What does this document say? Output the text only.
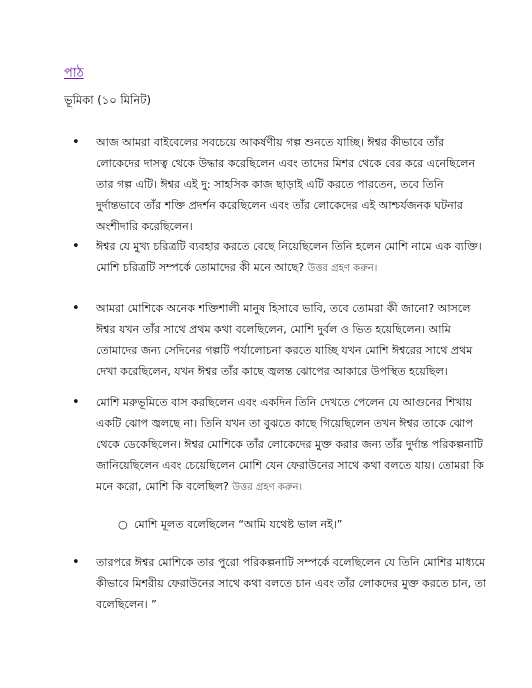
পাঠ
ভূমিকা (১০ মিনিট)
• আজ আমরা বাইবেলের সবচেয়ে আকর্ষণীয় গল্প শুনতে যাচ্ছি। ঈশ্বর কীভাবে তাঁর লোকেদের দাসত্ব থেকে উদ্ধার করেছিলেন এবং তাদের মিশর থেকে বের করে এনেছিলেন তার গল্প এটি। ঈশ্বর এই দু: সাহসিক কাজ ছাড়াই এটি করতে পারতেন, তবে তিনি দুর্দান্তভাবে তাঁর শক্তি প্রদর্শন করেছিলেন এবং তাঁর লোকেদের এই আশ্চর্যজনক ঘটনার অংশীদারি করেছিলেন।
• ঈশ্বর যে মুখ্য চরিত্রটি ব্যবহার করতে বেছে নিয়েছিলেন তিনি হলেন মোশি নামে এক ব্যক্তি। মোশি চরিত্রটি সম্পর্কে তোমাদের কী মনে আছে? উত্তর গ্রহণ করুন।
• আমরা মোশিকে অনেক শক্তিশালী মানুষ হিসাবে ভাবি, তবে তোমরা কী জানো? আসলে ঈশ্বর যখন তাঁর সাথে প্রথম কথা বলেছিলেন, মোশি দুর্বল ও ভিত হয়েছিলেন। আমি তোমাদের জন্য সেদিনের গল্পটি পর্যালোচনা করতে যাচ্ছি যখন মোশি ঈশ্বরের সাথে প্রথম দেখা করেছিলেন, যখন ঈশ্বর তাঁর কাছে জ্বলন্ত ঝোপের আকারে উপস্থিত হয়েছিল।
• মোশি মরুভূমিতে বাস করছিলেন এবং একদিন তিনি দেখতে পেলেন যে আগুনের শিখায় একটি ঝোপ জ্বলছে না। তিনি যখন তা বুঝতে কাছে গিয়েছিলেন তখন ঈশ্বর তাকে ঝোপ থেকে ডেকেছিলেন। ঈশ্বর মোশিকে তাঁর লোকেদের মুক্ত করার জন্য তাঁর দুর্দান্ত পরিকল্পনাটি জানিয়েছিলেন এবং চেয়েছিলেন মোশি যেন ফেরাউনের সাথে কথা বলতে যায়। তোমরা কি মনে করো, মোশি কি বলেছিল? উত্তর গ্রহণ করুন।
○ মোশি মূলত বলেছিলেন “আমি যথেষ্ট ভাল নই।”
• তারপরে ঈশ্বর মোশিকে তার পুরো পরিকল্পনাটি সম্পর্কে বলেছিলেন যে তিনি মোশির মাধ্যমে কীভাবে মিশরীয় ফেরাউনের সাথে কথা বলতে চান এবং তাঁর লোকদের মুক্ত করতে চান, তা বলেছিলেন। ”
